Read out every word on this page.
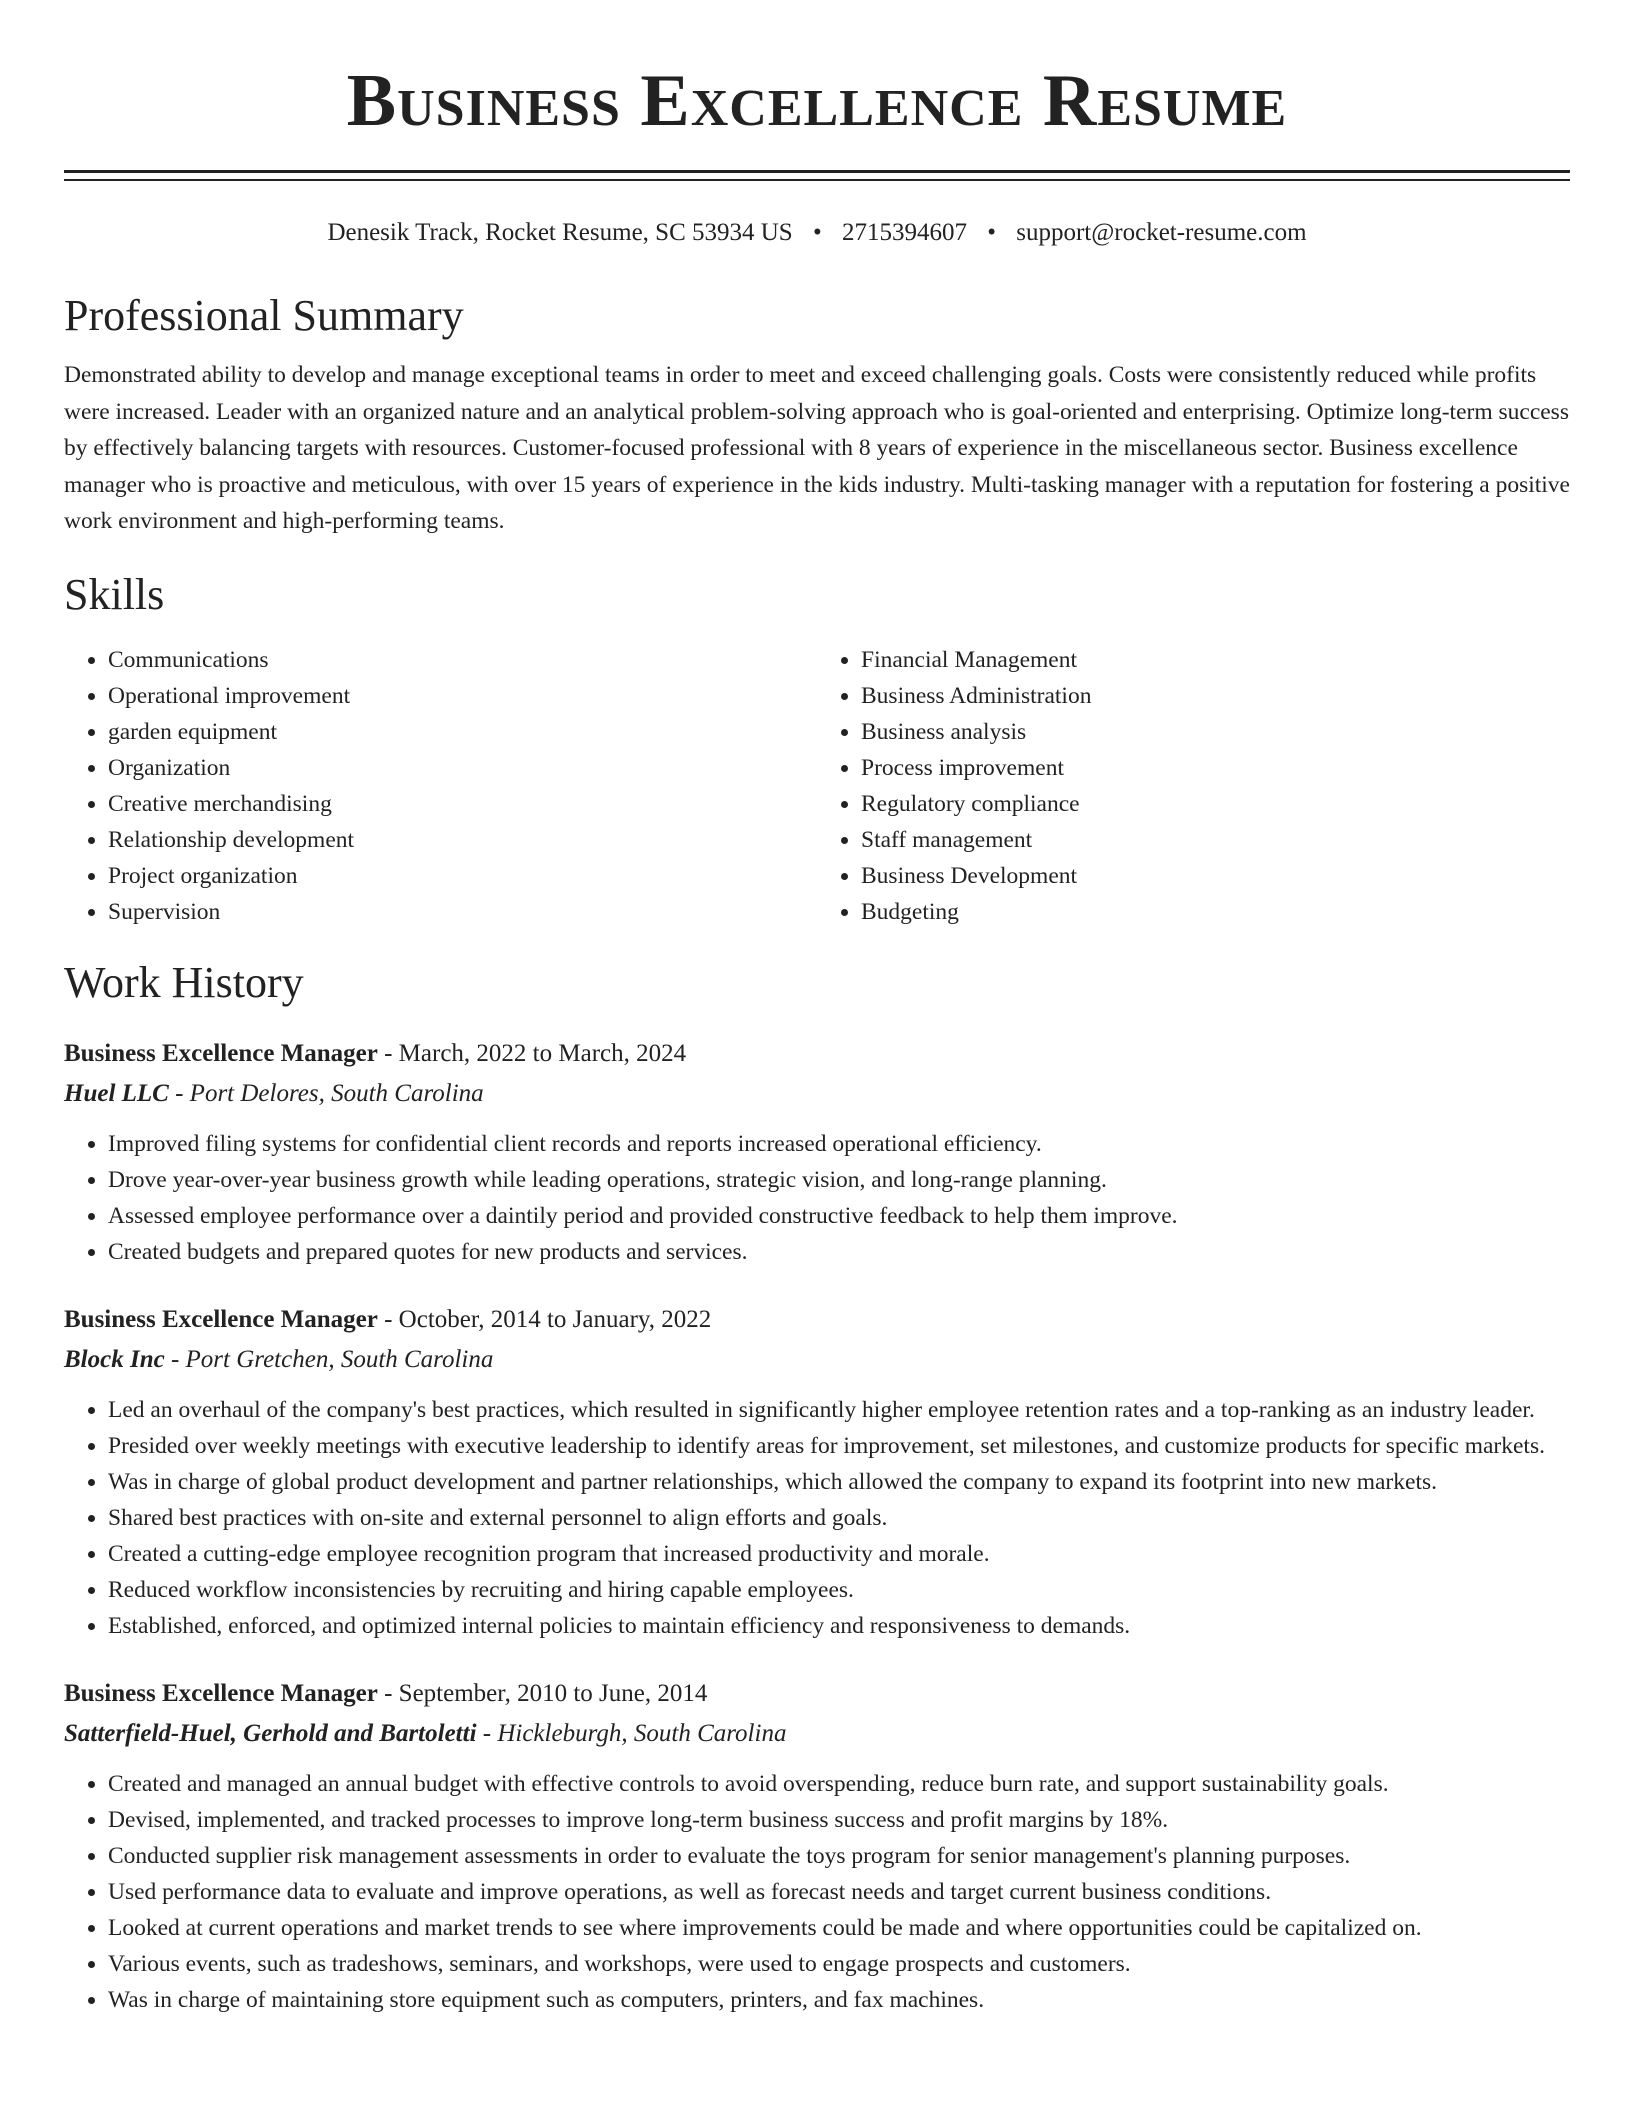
Business Excellence Resume
Denesik Track, Rocket Resume, SC 53934 US • 2715394607 • support@rocket-resume.com
Professional Summary
Demonstrated ability to develop and manage exceptional teams in order to meet and exceed challenging goals. Costs were consistently reduced while profits were increased. Leader with an organized nature and an analytical problem-solving approach who is goal-oriented and enterprising. Optimize long-term success by effectively balancing targets with resources. Customer-focused professional with 8 years of experience in the miscellaneous sector. Business excellence manager who is proactive and meticulous, with over 15 years of experience in the kids industry. Multi-tasking manager with a reputation for fostering a positive work environment and high-performing teams.
Skills
• Communications
• Operational improvement
• garden equipment
• Organization
• Creative merchandising
• Relationship development
• Project organization
• Supervision
• Financial Management
• Business Administration
• Business analysis
• Process improvement
• Regulatory compliance
• Staff management
• Business Development
• Budgeting
Work History
Business Excellence Manager - March, 2022 to March, 2024
Huel LLC - Port Delores, South Carolina
• Improved filing systems for confidential client records and reports increased operational efficiency.
• Drove year-over-year business growth while leading operations, strategic vision, and long-range planning.
• Assessed employee performance over a daintily period and provided constructive feedback to help them improve.
• Created budgets and prepared quotes for new products and services.
Business Excellence Manager - October, 2014 to January, 2022
Block Inc - Port Gretchen, South Carolina
• Led an overhaul of the company's best practices, which resulted in significantly higher employee retention rates and a top-ranking as an industry leader.
• Presided over weekly meetings with executive leadership to identify areas for improvement, set milestones, and customize products for specific markets.
• Was in charge of global product development and partner relationships, which allowed the company to expand its footprint into new markets.
• Shared best practices with on-site and external personnel to align efforts and goals.
• Created a cutting-edge employee recognition program that increased productivity and morale.
• Reduced workflow inconsistencies by recruiting and hiring capable employees.
• Established, enforced, and optimized internal policies to maintain efficiency and responsiveness to demands.
Business Excellence Manager - September, 2010 to June, 2014
Satterfield-Huel, Gerhold and Bartoletti - Hickleburgh, South Carolina
• Created and managed an annual budget with effective controls to avoid overspending, reduce burn rate, and support sustainability goals.
• Devised, implemented, and tracked processes to improve long-term business success and profit margins by 18%.
• Conducted supplier risk management assessments in order to evaluate the toys program for senior management's planning purposes.
• Used performance data to evaluate and improve operations, as well as forecast needs and target current business conditions.
• Looked at current operations and market trends to see where improvements could be made and where opportunities could be capitalized on.
• Various events, such as tradeshows, seminars, and workshops, were used to engage prospects and customers.
• Was in charge of maintaining store equipment such as computers, printers, and fax machines.
